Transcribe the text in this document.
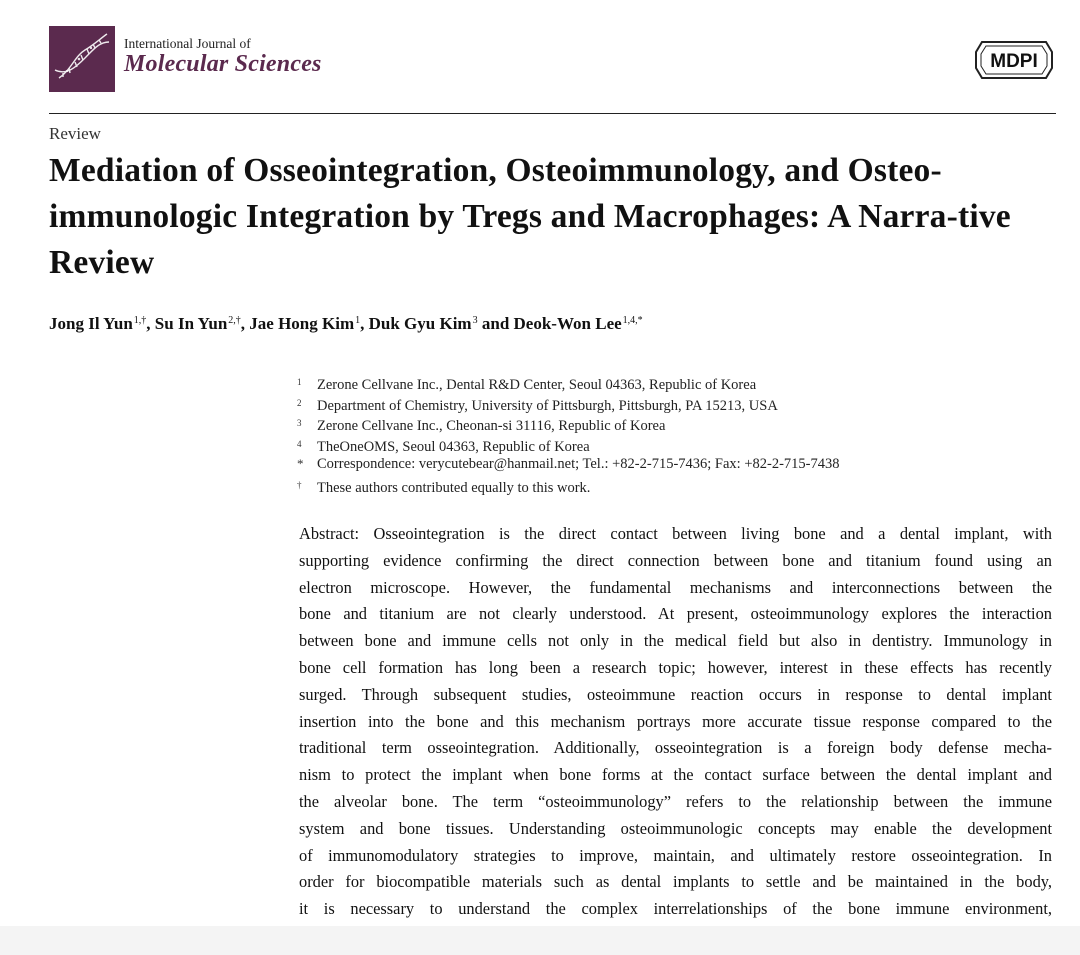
International Journal of
Molecular Sciences	MDPI
Review
Mediation of Osseointegration, Osteoimmunology, and Osteo-immunologic Integration by Tregs and Macrophages: A Narra-tive Review
Jong Il Yun$^{1,\dagger}$, Su In Yun$^{2,\dagger}$, Jae Hong Kim$^1$, Duk Gyu Kim$^3$ and Deok-Won Lee$^{1,4,*}$
1 Zerone Cellvane Inc., Dental R&D Center, Seoul 04363, Republic of Korea
2 Department of Chemistry, University of Pittsburgh, Pittsburgh, PA 15213, USA
3 Zerone Cellvane Inc., Cheonan-si 31116, Republic of Korea
4 TheOneOMS, Seoul 04363, Republic of Korea
* Correspondence: verycutebear@hanmail.net; Tel.: +82-2-715-7436; Fax: +82-2-715-7438
† These authors contributed equally to this work.
Abstract: Osseointegration is the direct contact between living bone and a dental implant, with
supporting evidence confirming the direct connection between bone and titanium found using an
electron microscope. However, the fundamental mechanisms and interconnections between the
bone and titanium are not clearly understood. At present, osteoimmunology explores the interaction
between bone and immune cells not only in the medical field but also in dentistry. Immunology in
bone cell formation has long been a research topic; however, interest in these effects has recently
surged. Through subsequent studies, osteoimmune reaction occurs in response to dental implant
insertion into the bone and this mechanism portrays more accurate tissue response compared to the
traditional term osseointegration. Additionally, osseointegration is a foreign body defense mecha-
nism to protect the implant when bone forms at the contact surface between the dental implant and
the alveolar bone. The term “osteoimmunology” refers to the relationship between the immune
system and bone tissues. Understanding osteoimmunologic concepts may enable the development
of immunomodulatory strategies to improve, maintain, and ultimately restore osseointegration. In
order for biocompatible materials such as dental implants to settle and be maintained in the body,
it is necessary to understand the complex interrelationships of the bone immune environment,
